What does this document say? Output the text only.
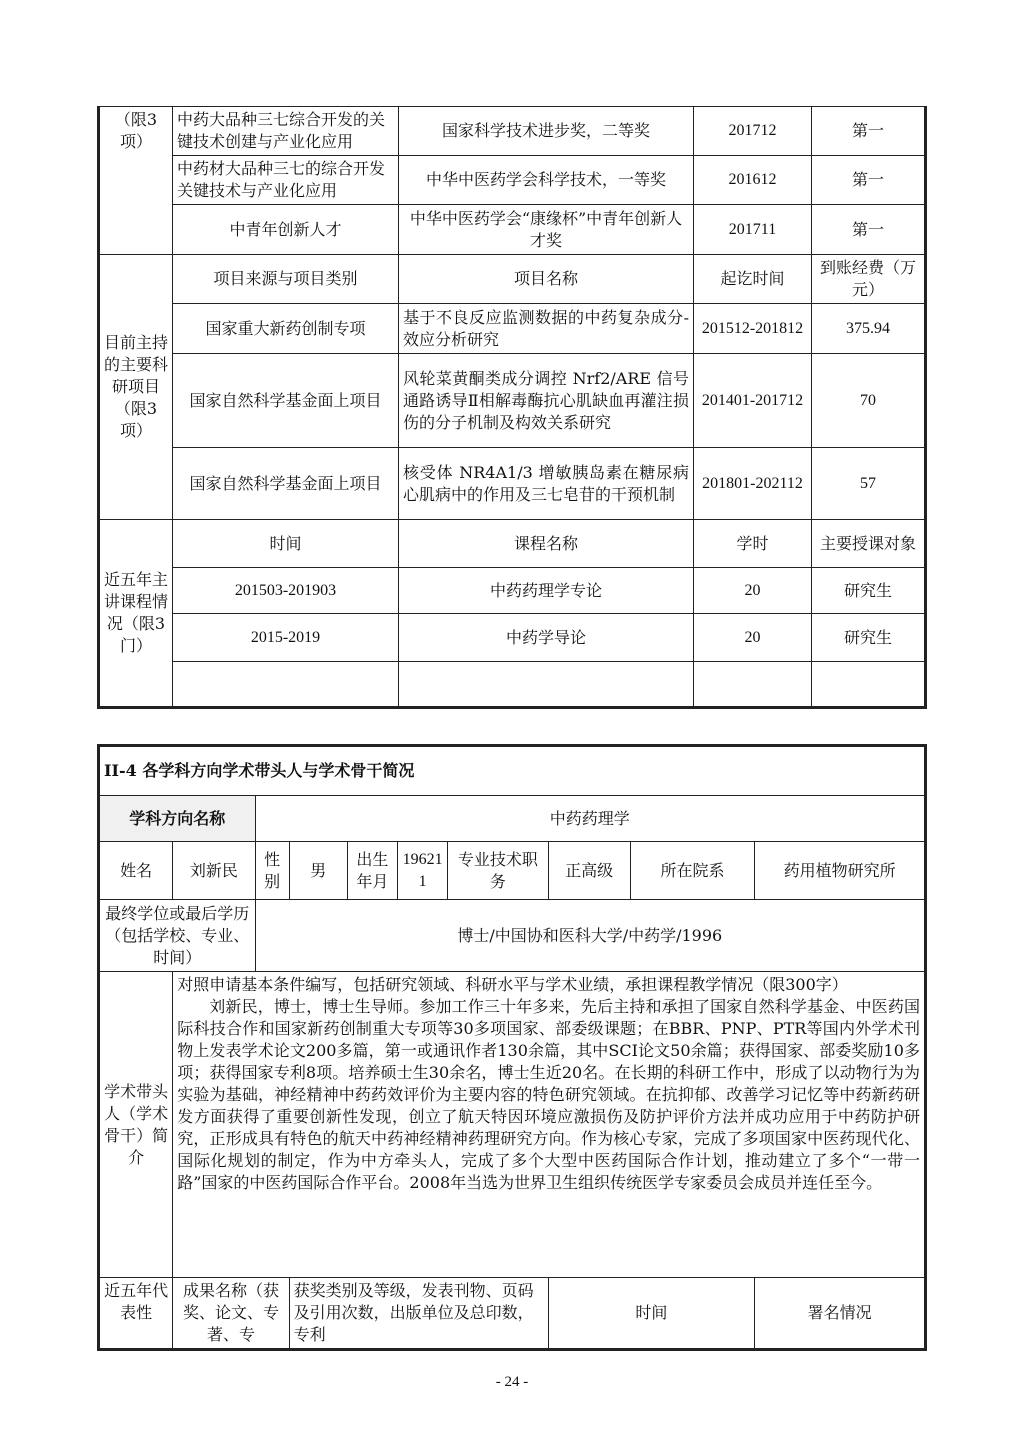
（限3项）	中药大品种三七综合开发的关键技术创建与产业化应用	国家科学技术进步奖，二等奖	201712	第一
	中药材大品种三七的综合开发关键技术与产业化应用	中华中医药学会科学技术，一等奖	201612	第一
	中青年创新人才	中华中医药学会“康缘杯”中青年创新人才奖	201711	第一
目前主持的主要科研项目（限3项）	项目来源与项目类别	项目名称	起讫时间	到账经费（万元）
	国家重大新药创制专项	基于不良反应监测数据的中药复杂成分-效应分析研究	201512-201812	375.94
	国家自然科学基金面上项目	风轮菜黄酮类成分调控 Nrf2/ARE 信号通路诱导Ⅱ相解毒酶抗心肌缺血再灌注损伤的分子机制及构效关系研究	201401-201712	70
	国家自然科学基金面上项目	核受体 NR4A1/3 增敏胰岛素在糖尿病心肌病中的作用及三七皂苷的干预机制	201801-202112	57
近五年主讲课程情况（限3门）	时间	课程名称	学时	主要授课对象
	201503-201903	中药药理学专论	20	研究生
	2015-2019	中药学导论	20	研究生

II-4 各学科方向学术带头人与学术骨干简况									
学科方向名称		中药药理学							
姓名	刘新民	性别	男	出生年月	196211	专业技术职务	正高级	所在院系	药用植物研究所
最终学位或最后学历（包括学校、专业、时间）		博士/中国协和医科大学/中药学/1996							
学术带头人（学术骨干）简介	对照申请基本条件编写，包括研究领域、科研水平与学术业绩，承担课程教学情况（限300字）
刘新民，博士，博士生导师。参加工作三十年多来，先后主持和承担了国家自然科学基金、中医药国际科技合作和国家新药创制重大专项等30多项国家、部委级课题；在BBR、PNP、PTR等国内外学术刊物上发表学术论文200多篇，第一或通讯作者130余篇，其中SCI论文50余篇；获得国家、部委奖励10多项；获得国家专利8项。培养硕士生30余名，博士生近20名。在长期的科研工作中，形成了以动物行为为实验为基础，神经精神中药药效评价为主要内容的特色研究领域。在抗抑郁、改善学习记忆等中药新药研发方面获得了重要创新性发现，创立了航天特因环境应激损伤及防护评价方法并成功应用于中药防护研究，正形成具有特色的航天中药神经精神药理研究方向。作为核心专家，完成了多项国家中医药现代化、国际化规划的制定，作为中方牵头人，完成了多个大型中医药国际合作计划，推动建立了多个“一带一路”国家的中医药国际合作平台。2008年当选为世界卫生组织传统医学专家委员会成员并连任至今。								

近五年代表性	成果名称（获奖、论文、专著、专		获奖类别及等级，发表刊物、页码及引用次数，出版单位及总印数，专利				时间		署名情况
- 24 -
